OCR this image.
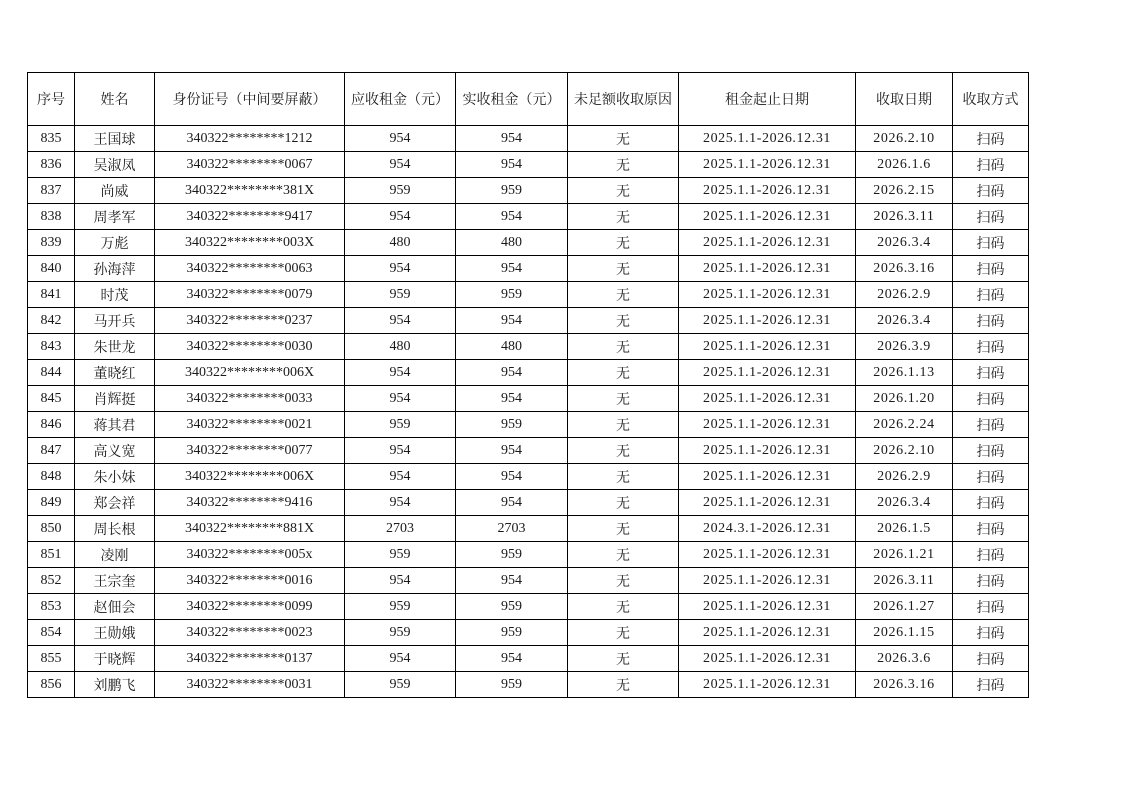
序号	姓名	身份证号（中间要屏蔽）	应收租金（元）	实收租金（元）	未足额收取原因	租金起止日期	收取日期	收取方式
835	王国球	340322********1212	954	954	无	2025.1.1-2026.12.31	2026.2.10	扫码
836	吴淑凤	340322********0067	954	954	无	2025.1.1-2026.12.31	2026.1.6	扫码
837	尚威	340322********381X	959	959	无	2025.1.1-2026.12.31	2026.2.15	扫码
838	周孝军	340322********9417	954	954	无	2025.1.1-2026.12.31	2026.3.11	扫码
839	万彪	340322********003X	480	480	无	2025.1.1-2026.12.31	2026.3.4	扫码
840	孙海萍	340322********0063	954	954	无	2025.1.1-2026.12.31	2026.3.16	扫码
841	时茂	340322********0079	959	959	无	2025.1.1-2026.12.31	2026.2.9	扫码
842	马开兵	340322********0237	954	954	无	2025.1.1-2026.12.31	2026.3.4	扫码
843	朱世龙	340322********0030	480	480	无	2025.1.1-2026.12.31	2026.3.9	扫码
844	董晓红	340322********006X	954	954	无	2025.1.1-2026.12.31	2026.1.13	扫码
845	肖辉挺	340322********0033	954	954	无	2025.1.1-2026.12.31	2026.1.20	扫码
846	蒋其君	340322********0021	959	959	无	2025.1.1-2026.12.31	2026.2.24	扫码
847	高义宽	340322********0077	954	954	无	2025.1.1-2026.12.31	2026.2.10	扫码
848	朱小妹	340322********006X	954	954	无	2025.1.1-2026.12.31	2026.2.9	扫码
849	郑会祥	340322********9416	954	954	无	2025.1.1-2026.12.31	2026.3.4	扫码
850	周长根	340322********881X	2703	2703	无	2024.3.1-2026.12.31	2026.1.5	扫码
851	凌刚	340322********005x	959	959	无	2025.1.1-2026.12.31	2026.1.21	扫码
852	王宗奎	340322********0016	954	954	无	2025.1.1-2026.12.31	2026.3.11	扫码
853	赵佃会	340322********0099	959	959	无	2025.1.1-2026.12.31	2026.1.27	扫码
854	王勋娥	340322********0023	959	959	无	2025.1.1-2026.12.31	2026.1.15	扫码
855	于晓辉	340322********0137	954	954	无	2025.1.1-2026.12.31	2026.3.6	扫码
856	刘鹏飞	340322********0031	959	959	无	2025.1.1-2026.12.31	2026.3.16	扫码
